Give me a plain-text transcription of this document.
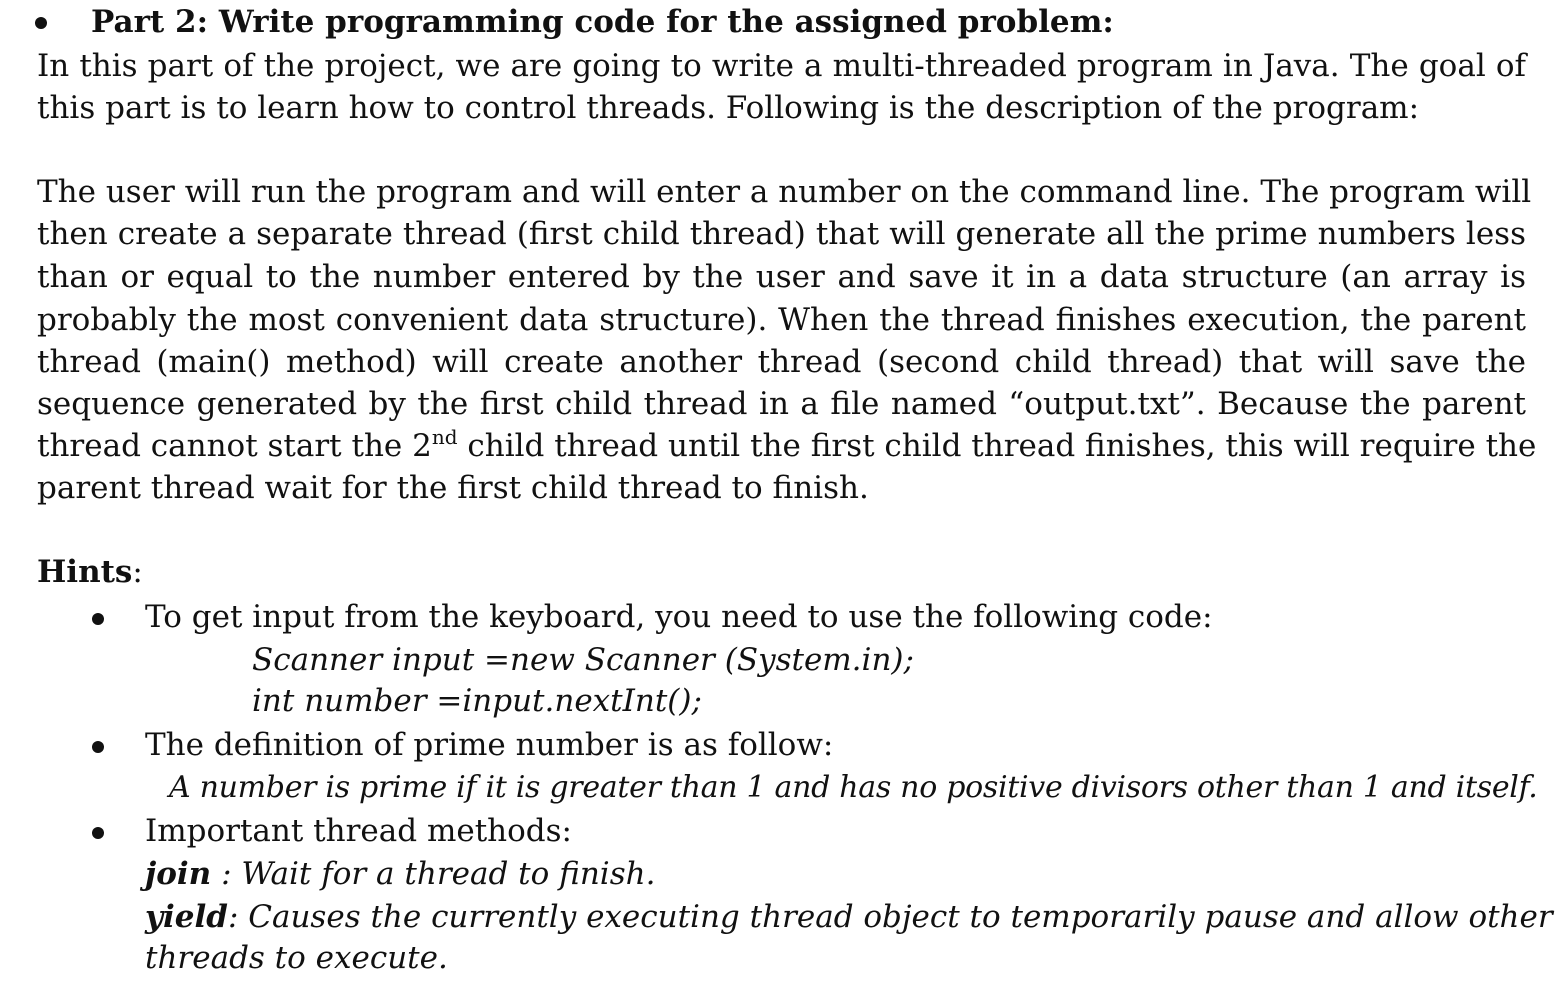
Part 2: Write programming code for the assigned problem:
In this part of the project, we are going to write a multi-threaded program in Java. The goal of
this part is to learn how to control threads. Following is the description of the program:
The user will run the program and will enter a number on the command line. The program will
then create a separate thread (first child thread) that will generate all the prime numbers less
than or equal to the number entered by the user and save it in a data structure (an array is
probably the most convenient data structure). When the thread finishes execution, the parent
thread (main() method) will create another thread (second child thread) that will save the
sequence generated by the first child thread in a file named “output.txt”. Because the parent
thread cannot start the 2nd child thread until the first child thread finishes, this will require the
parent thread wait for the first child thread to finish.
Hints:
To get input from the keyboard, you need to use the following code:
Scanner input =new Scanner (System.in);
int number =input.nextInt();
The definition of prime number is as follow:
A number is prime if it is greater than 1 and has no positive divisors other than 1 and itself.
Important thread methods:
join : Wait for a thread to finish.
yield: Causes the currently executing thread object to temporarily pause and allow other
threads to execute.
